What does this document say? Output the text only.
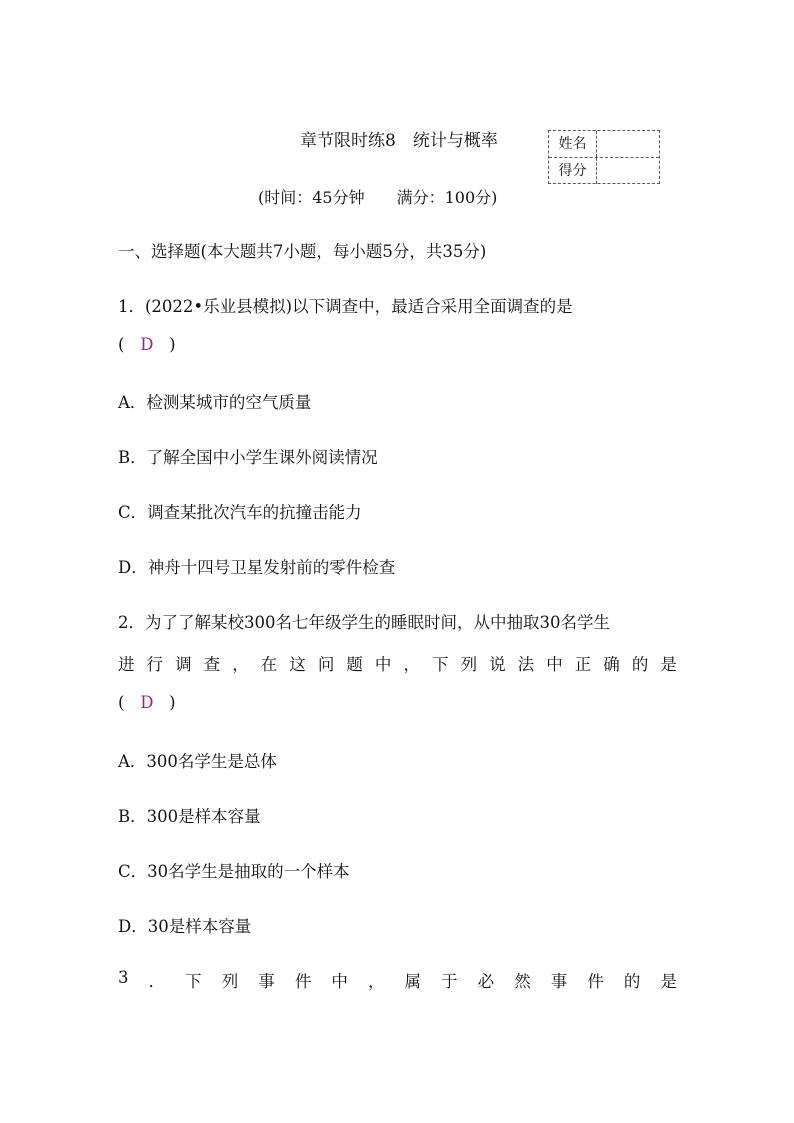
章节限时练8　统计与概率	姓名
得分
(时间：45分钟　　满分：100分)
一、选择题(本大题共7小题，每小题5分，共35分)
1．(2022•乐业县模拟)以下调查中，最适合采用全面调查的是
( D )
A．检测某城市的空气质量
B．了解全国中小学生课外阅读情况
C．调查某批次汽车的抗撞击能力
D．神舟十四号卫星发射前的零件检查
2．为了了解某校300名七年级学生的睡眠时间，从中抽取30名学生
进 行 调 查 ， 在 这 问 题 中 ， 下 列 说 法 中 正 确 的 是
( D )
A．300名学生是总体
B．300是样本容量
C．30名学生是抽取的一个样本
D．30是样本容量
3 ． 下 列 事 件 中 ， 属 于 必 然 事 件 的 是
